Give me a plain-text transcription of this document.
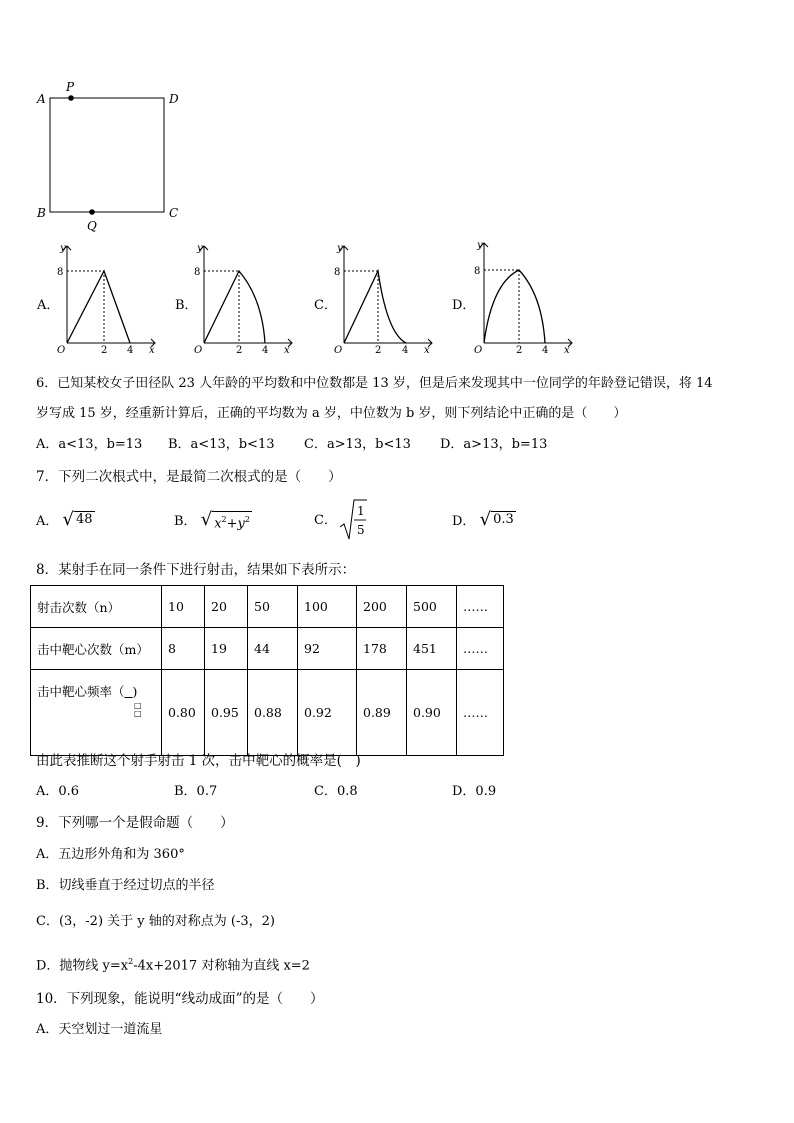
A
P
D
B
Q
C
A．
y
8
O	2 4 x
B．
y
8
O	2 4 x
C．
y
8
O	2 4 x
D．
y
8
O	2 4 x
6．已知某校女子田径队 23 人年龄的平均数和中位数都是 13 岁，但是后来发现其中一位同学的年龄登记错误，将 14
岁写成 15 岁，经重新计算后，正确的平均数为 a 岁，中位数为 b 岁，则下列结论中正确的是（　　）
A．a<13，b=13 B．a<13，b<13 C．a>13，b<13 D．a>13，b=13
7．下列二次根式中，是最简二次根式的是（　　）
A． √ 48	B． √ $x^2+y^2$	C．
1
5
D． √ 0.3
8．某射手在同一条件下进行射击，结果如下表所示：
射击次数（n）	10	20	50	100	200	500	……
击中靶心次数（m）	8	19	44	92	178	451	……
击中靶心频率（ )
□
□	0.80	0.95	0.88	0.92	0.89	0.90	……
由此表推断这个射手射击 1 次，击中靶心的概率是(　)
A．0.6	B．0.7	C．0.8	D．0.9
9．下列哪一个是假命题（　　）
A．五边形外角和为 360°
B．切线垂直于经过切点的半径
C．(3，-2) 关于 y 轴的对称点为 (-3，2)
D．抛物线 $y=x^2-4x+2017$ 对称轴为直线 x=2
10．下列现象，能说明“线动成面”的是（　　）
A．天空划过一道流星
